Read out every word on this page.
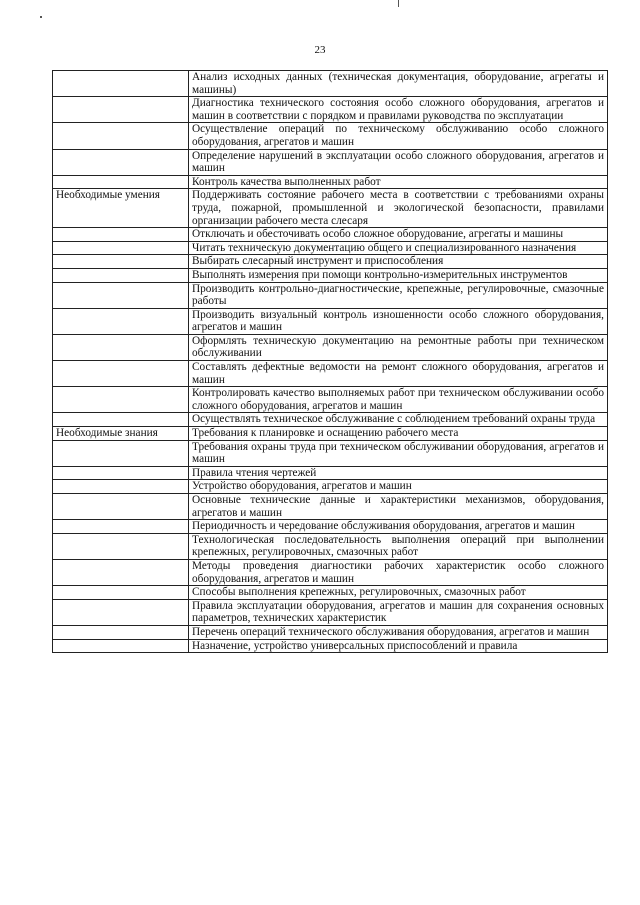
23
	Анализ исходных данных (техническая документация, оборудование, агрегаты и машины)
	Диагностика технического состояния особо сложного оборудования, агрегатов и машин в соответствии с порядком и правилами руководства по эксплуатации
	Осуществление операций по техническому обслуживанию особо сложного оборудования, агрегатов и машин
	Определение нарушений в эксплуатации особо сложного оборудования, агрегатов и машин
	Контроль качества выполненных работ
Необходимые умения	Поддерживать состояние рабочего места в соответствии с требованиями охраны труда, пожарной, промышленной и экологической безопасности, правилами организации рабочего места слесаря
	Отключать и обесточивать особо сложное оборудование, агрегаты и машины
	Читать техническую документацию общего и специализированного назначения
	Выбирать слесарный инструмент и приспособления
	Выполнять измерения при помощи контрольно-измерительных инструментов
	Производить контрольно-диагностические, крепежные, регулировочные, смазочные работы
	Производить визуальный контроль изношенности особо сложного оборудования, агрегатов и машин
	Оформлять техническую документацию на ремонтные работы при техническом обслуживании
	Составлять дефектные ведомости на ремонт сложного оборудования, агрегатов и машин
	Контролировать качество выполняемых работ при техническом обслуживании особо сложного оборудования, агрегатов и машин
	Осуществлять техническое обслуживание с соблюдением требований охраны труда
Необходимые знания	Требования к планировке и оснащению рабочего места
	Требования охраны труда при техническом обслуживании оборудования, агрегатов и машин
	Правила чтения чертежей
	Устройство оборудования, агрегатов и машин
	Основные технические данные и характеристики механизмов, оборудования, агрегатов и машин
	Периодичность и чередование обслуживания оборудования, агрегатов и машин
	Технологическая последовательность выполнения операций при выполнении крепежных, регулировочных, смазочных работ
	Методы проведения диагностики рабочих характеристик особо сложного оборудования, агрегатов и машин
	Способы выполнения крепежных, регулировочных, смазочных работ
	Правила эксплуатации оборудования, агрегатов и машин для сохранения основных параметров, технических характеристик
	Перечень операций технического обслуживания оборудования, агрегатов и машин
	Назначение, устройство универсальных приспособлений и правила
